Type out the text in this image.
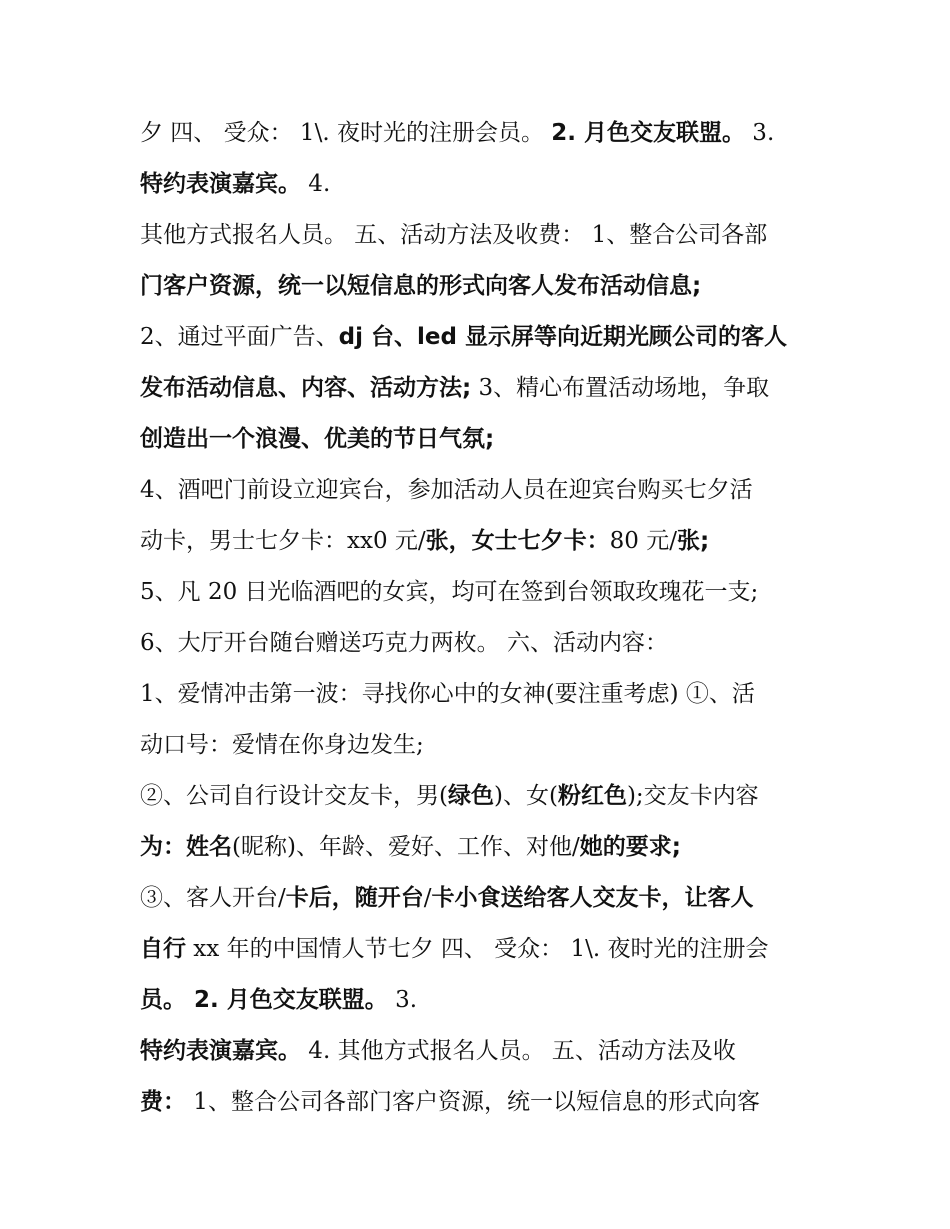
夕 四、 受众： 1\. 夜时光的注册会员。 2. 月色交友联盟。 3.
特约表演嘉宾。 4.
其他方式报名人员。 五、活动方法及收费： 1、整合公司各部
门客户资源，统一以短信息的形式向客人发布活动信息;
2、通过平面广告、dj 台、led 显示屏等向近期光顾公司的客人
发布活动信息、内容、活动方法; 3、精心布置活动场地，争取
创造出一个浪漫、优美的节日气氛;
4、酒吧门前设立迎宾台，参加活动人员在迎宾台购买七夕活
动卡，男士七夕卡：xx0 元/张，女士七夕卡：80 元/张;
5、凡 20 日光临酒吧的女宾，均可在签到台领取玫瑰花一支;
6、大厅开台随台赠送巧克力两枚。 六、活动内容：
1、爱情冲击第一波：寻找你心中的女神(要注重考虑) ①、活
动口号：爱情在你身边发生;
②、公司自行设计交友卡，男(绿色)、女(粉红色);交友卡内容
为：姓名(昵称)、年龄、爱好、工作、对他/她的要求;
③、客人开台/卡后，随开台/卡小食送给客人交友卡，让客人
自行 xx 年的中国情人节七夕 四、 受众： 1\. 夜时光的注册会
员。 2. 月色交友联盟。 3.
特约表演嘉宾。 4. 其他方式报名人员。 五、活动方法及收
费： 1、整合公司各部门客户资源，统一以短信息的形式向客
